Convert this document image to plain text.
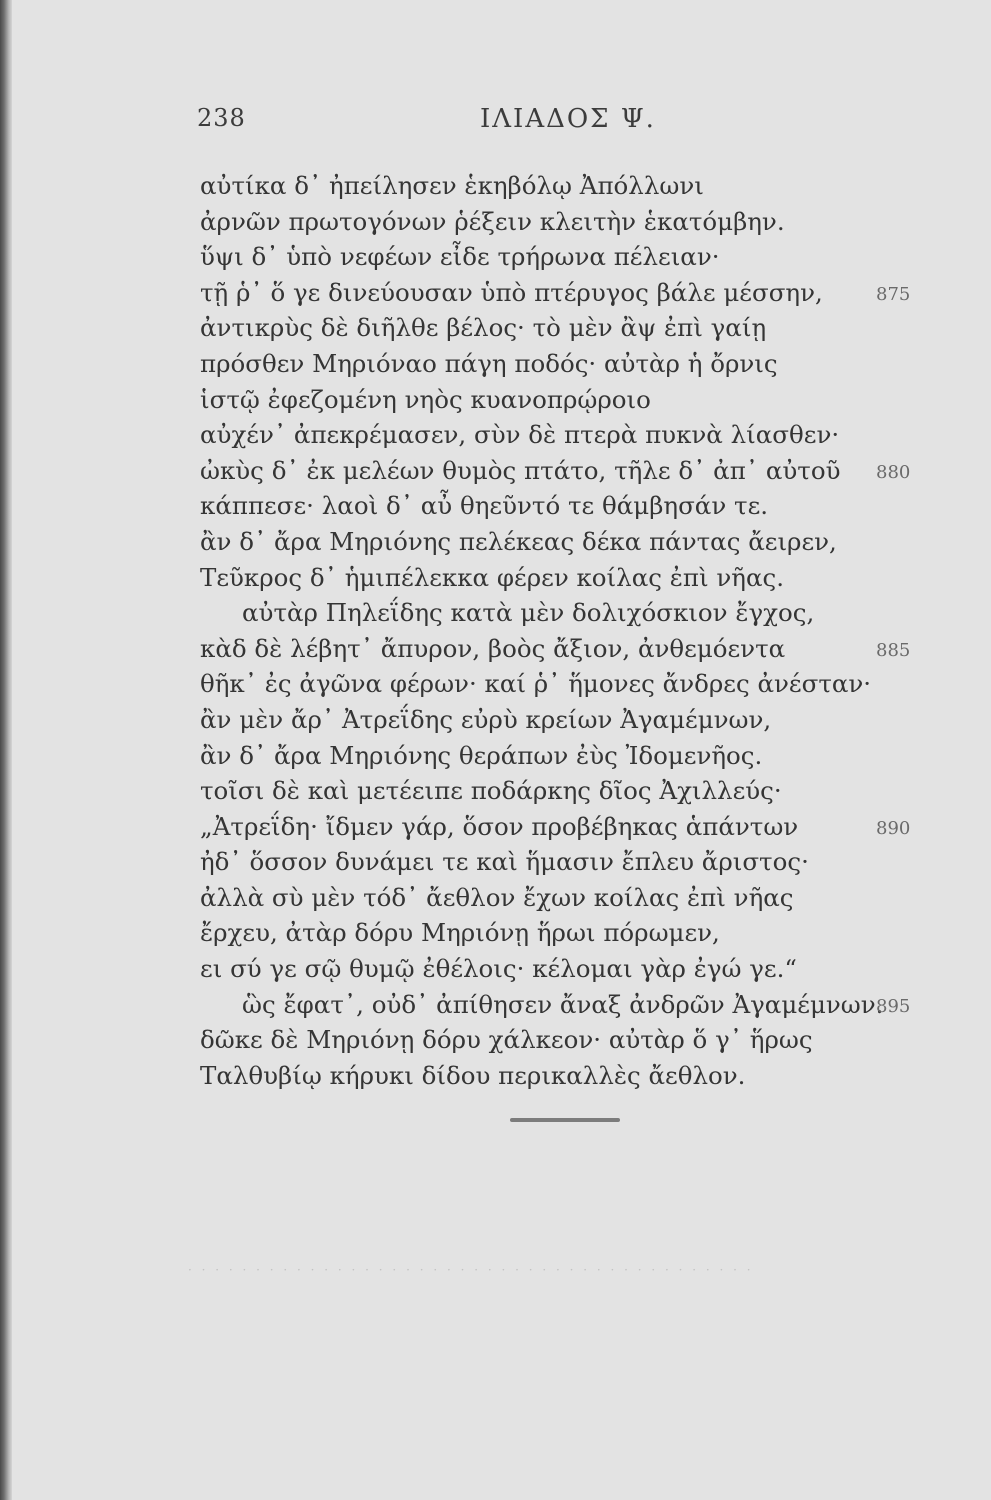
238	ΙΛΙΑΔΟΣ Ψ.
αὐτίκα δ᾽ ἠπείλησεν ἑκηβόλῳ Ἀπόλλωνι
ἀρνῶν πρωτογόνων ῥέξειν κλειτὴν ἑκατόμβην.
ὕψι δ᾽ ὑπὸ νεφέων εἶδε τρήρωνα πέλειαν·
τῇ ῥ᾽ ὅ γε δινεύουσαν ὑπὸ πτέρυγος βάλε μέσσην,	875
ἀντικρὺς δὲ διῆλθε βέλος· τὸ μὲν ἂψ ἐπὶ γαίῃ
πρόσθεν Μηριόναο πάγη ποδός· αὐτὰρ ἡ ὄρνις
ἱστῷ ἐφεζομένη νηὸς κυανοπρῴροιο
αὐχέν᾽ ἀπεκρέμασεν, σὺν δὲ πτερὰ πυκνὰ λίασθεν·
ὠκὺς δ᾽ ἐκ μελέων θυμὸς πτάτο, τῆλε δ᾽ ἀπ᾽ αὐτοῦ 880
κάππεσε· λαοὶ δ᾽ αὖ θηεῦντό τε θάμβησάν τε.
ἂν δ᾽ ἄρα Μηριόνης πελέκεας δέκα πάντας ἄειρεν,
Τεῦκρος δ᾽ ἡμιπέλεκκα φέρεν κοίλας ἐπὶ νῆας.
αὐτὰρ Πηλεΐδης κατὰ μὲν δολιχόσκιον ἔγχος,
κὰδ δὲ λέβητ᾽ ἄπυρον, βοὸς ἄξιον, ἀνθεμόεντα	885
θῆκ᾽ ἐς ἀγῶνα φέρων· καί ῥ᾽ ἥμονες ἄνδρες ἀνέσταν·
ἂν μὲν ἄρ᾽ Ἀτρεΐδης εὐρὺ κρείων Ἀγαμέμνων,
ἂν δ᾽ ἄρα Μηριόνης θεράπων ἐὺς Ἰδομενῆος.
τοῖσι δὲ καὶ μετέειπε ποδάρκης δῖος Ἀχιλλεύς·
„Ἀτρεΐδη· ἴδμεν γάρ, ὅσον προβέβηκας ἁπάντων	890
ἠδ᾽ ὅσσον δυνάμει τε καὶ ἥμασιν ἔπλευ ἄριστος·
ἀλλὰ σὺ μὲν τόδ᾽ ἄεθλον ἔχων κοίλας ἐπὶ νῆας
ἔρχευ, ἀτὰρ δόρυ Μηριόνῃ ἥρωι πόρωμεν,
ει σύ γε σῷ θυμῷ ἐθέλοις· κέλομαι γὰρ ἐγώ γε.“
ὣς ἔφατ᾽, οὐδ᾽ ἀπίθησεν ἄναξ ἀνδρῶν Ἀγαμέμνων.
895
δῶκε δὲ Μηριόνῃ δόρυ χάλκεον· αὐτὰρ ὅ γ᾽ ἥρως
Ταλθυβίῳ κήρυκι δίδου περικαλλὲς ἄεθλον.
· · · · · · · · · · · · · · · · · · · · · · · · · · · · · · · · · · · · · · · · · ·
